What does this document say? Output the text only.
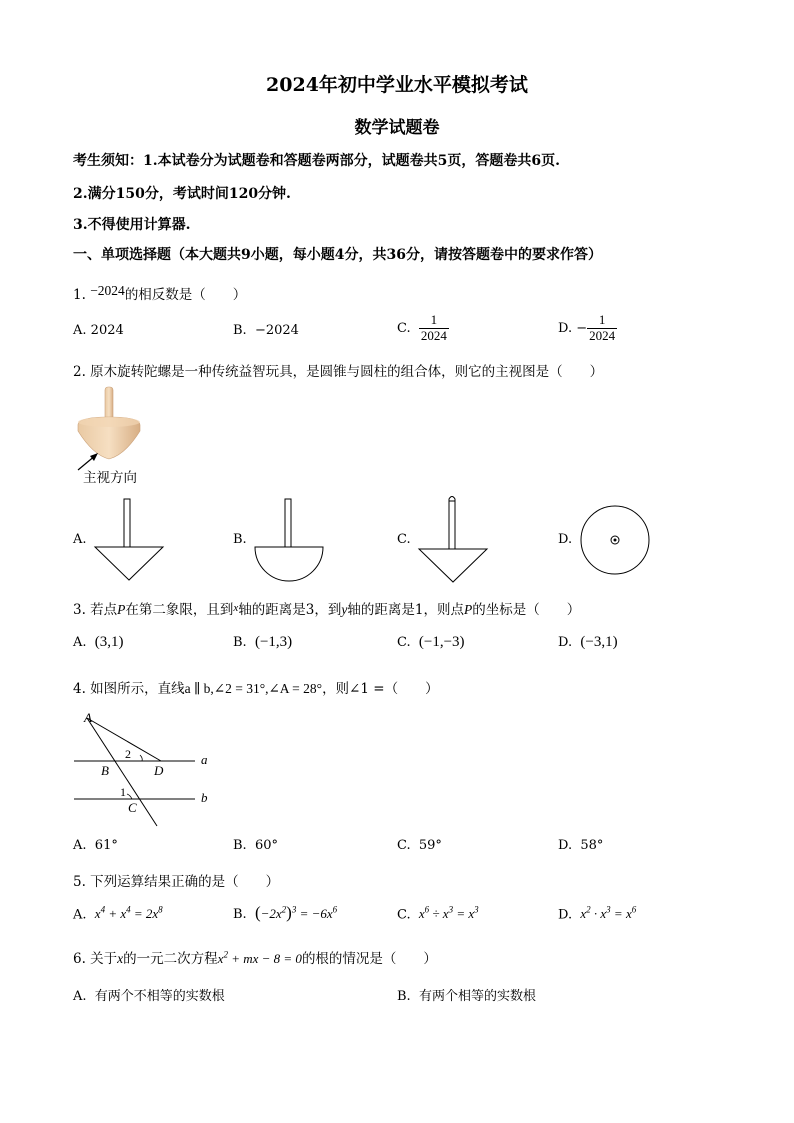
2024年初中学业水平模拟考试
数学试题卷
考生须知：1.本试卷分为试题卷和答题卷两部分，试题卷共5页，答题卷共6页.
2.满分150分，考试时间120分钟.
3.不得使用计算器.
一、单项选择题（本大题共9小题，每小题4分，共36分，请按答题卷中的要求作答）
1. −2024的相反数是（　　）
A. 2024	B. −2024	C. $\frac{1}{2024}$	D. − $\frac{1}{2024}$
2. 原木旋转陀螺是一种传统益智玩具，是圆锥与圆柱的组合体，则它的主视图是（　　）
主视方向
A.	B.	C.	D.
3. 若点P在第二象限，且到$^x$轴的距离是3，到y轴的距离是1，则点P的坐标是（　　）
A. (3,1)	B. (−1,3)	C. (−1,−3)	D. (−3,1)
4. 如图所示，直线a ∥ b,∠2 = 31°,∠A = 28°，则∠1 =（　　）
A
B	D
C
a
b
2
1
A. 61°	B. 60°	C. 59°	D. 58°
5. 下列运算结果正确的是（　　）
A. $x^4 + x^4 = 2x^8$	B. $(-2x^2)^3 = -6x^6$	C. $x^6 \div x^3 = x^3$	D. $x^2 \cdot x^3 = x^6$
6. 关于x的一元二次方程$x^2$ + mx − 8 = 0的根的情况是（　　）
A. 有两个不相等的实数根	B. 有两个相等的实数根
